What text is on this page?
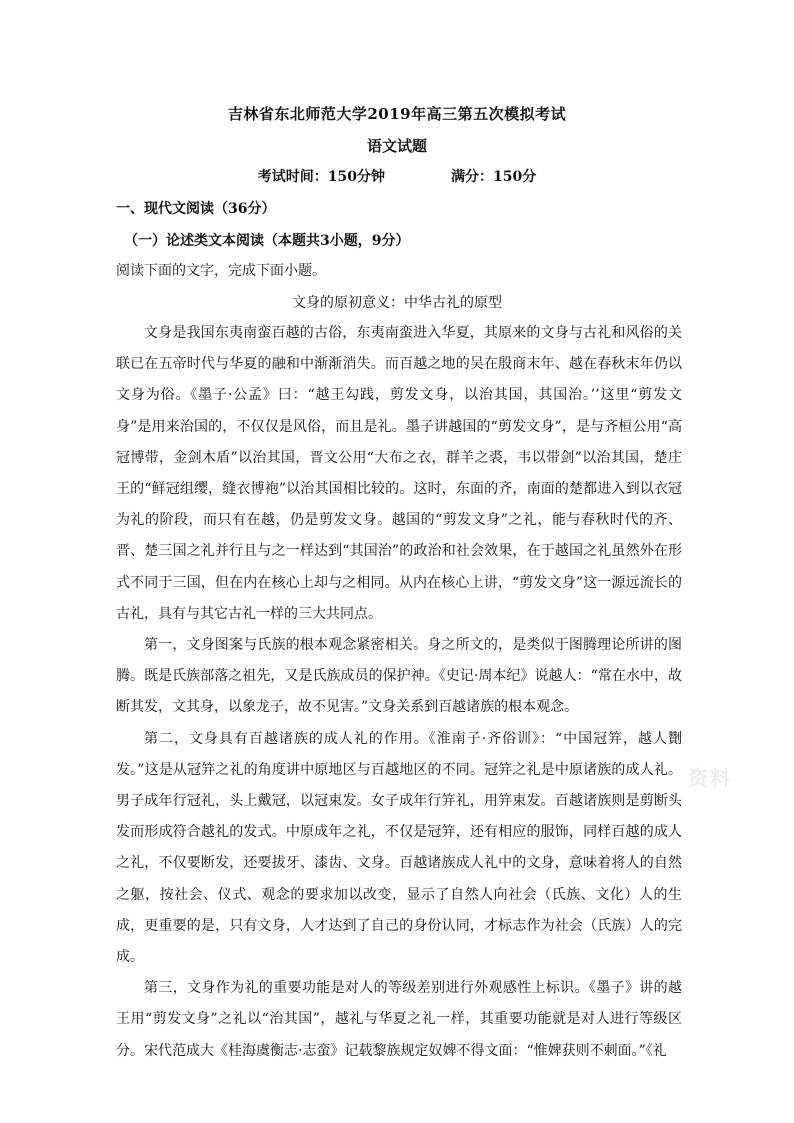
吉林省东北师范大学2019年高三第五次模拟考试
语文试题
考试时间：150分钟	满分：150分
一、现代文阅读（36分）
（一）论述类文本阅读（本题共3小题，9分）
阅读下面的文字，完成下面小题。
文身的原初意义：中华古礼的原型

文身是我国东夷南蛮百越的古俗，东夷南蛮进入华夏，其原来的文身与古礼和风俗的关联已在五帝时代与华夏的融和中渐渐消失。而百越之地的吴在殷商末年、越在春秋末年仍以文身为俗。《墨子·公孟》曰：“越王勾践，剪发文身，以治其国，其国治。’’这里“剪发文身”是用来治国的，不仅仅是风俗，而且是礼。墨子讲越国的“剪发文身”，是与齐桓公用“高冠博带，金剑木盾”以治其国，晋文公用“大布之衣，群羊之裘，韦以带剑”以治其国，楚庄王的“鲜冠组缨，缝衣博袍”以治其国相比较的。这时，东面的齐，南面的楚都进入到以衣冠为礼的阶段，而只有在越，仍是剪发文身。越国的“剪发文身”之礼，能与春秋时代的齐、晋、楚三国之礼并行且与之一样达到“其国治”的政治和社会效果，在于越国之礼虽然外在形式不同于三国，但在内在核心上却与之相同。从内在核心上讲，“剪发文身”这一源远流长的古礼，具有与其它古礼一样的三大共同点。

第一，文身图案与氏族的根本观念紧密相关。身之所文的，是类似于图腾理论所讲的图腾。既是氏族部落之祖先，又是氏族成员的保护神。《史记·周本纪》说越人：“常在水中，故断其发，文其身，以象龙子，故不见害。”文身关系到百越诸族的根本观念。

第二，文身具有百越诸族的成人礼的作用。《淮南子·齐俗训》：“中国冠笄，越人劗发。”这是从冠笄之礼的角度讲中原地区与百越地区的不同。冠笄之礼是中原诸族的成人礼。男子成年行冠礼，头上戴冠，以冠束发。女子成年行笄礼，用笄束发。百越诸族则是剪断头发而形成符合越礼的发式。中原成年之礼，不仅是冠笄，还有相应的服饰，同样百越的成人之礼，不仅要断发，还要拔牙、漆齿、文身。百越诸族成人礼中的文身，意味着将人的自然之躯，按社会、仪式、观念的要求加以改变，显示了自然人向社会（氏族、文化）人的生成，更重要的是，只有文身，人才达到了自己的身份认同，才标志作为社会（氏族）人的完成。

第三，文身作为礼的重要功能是对人的等级差别进行外观感性上标识。《墨子》讲的越王用“剪发文身”之礼以“治其国”，越礼与华夏之礼一样，其重要功能就是对人进行等级区分。宋代范成大《桂海虞衡志·志蛮》记载黎族规定奴婢不得文面：“惟婢获则不刺面。”《礼

资料
